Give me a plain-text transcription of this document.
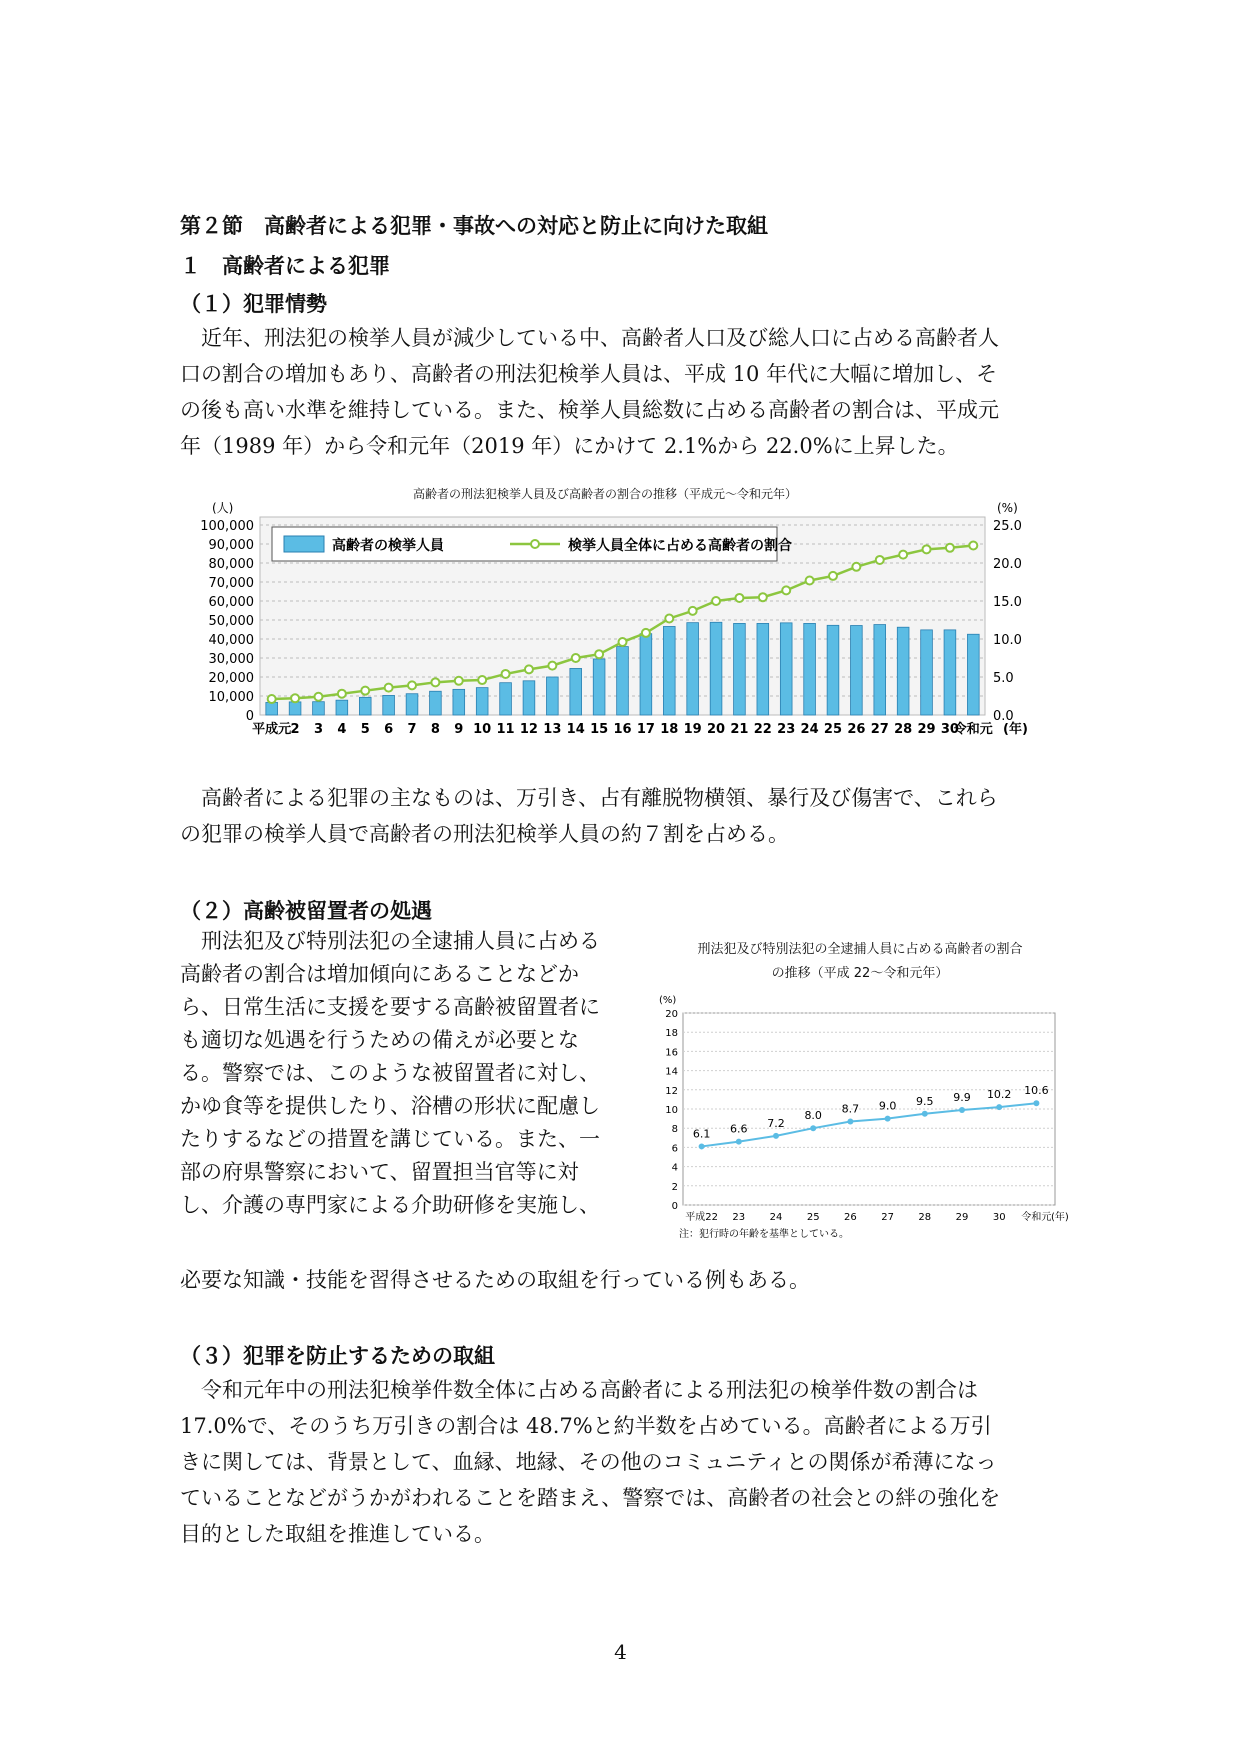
第２節　高齢者による犯罪・事故への対応と防止に向けた取組
１　高齢者による犯罪
（１）犯罪情勢
　近年、刑法犯の検挙人員が減少している中、高齢者人口及び総人口に占める高齢者人
口の割合の増加もあり、高齢者の刑法犯検挙人員は、平成 10 年代に大幅に増加し、そ
の後も高い水準を維持している。また、検挙人員総数に占める高齢者の割合は、平成元
年（1989 年）から令和元年（2019 年）にかけて 2.1%から 22.0%に上昇した。
高齢者の刑法犯検挙人員及び高齢者の割合の推移（平成元～令和元年）
100,000
90,000
80,000
70,000
60,000
50,000
40,000
30,000
20,000
10,000
0
25.0
20.0
15.0
10.0
5.0
0.0
(人)	(%)
平成元 2 3 4 5 6 7 8 9 10 11 12 13 14 15 16 17 18 19 20 21 22 23 24 25 26 27 28 29 30
令和元 (年)
高齢者の検挙人員	検挙人員全体に占める高齢者の割合
　高齢者による犯罪の主なものは、万引き、占有離脱物横領、暴行及び傷害で、これら
の犯罪の検挙人員で高齢者の刑法犯検挙人員の約７割を占める。
（２）高齢被留置者の処遇
　刑法犯及び特別法犯の全逮捕人員に占める
高齢者の割合は増加傾向にあることなどか
ら、日常生活に支援を要する高齢被留置者に
も適切な処遇を行うための備えが必要とな
る。警察では、このような被留置者に対し、
かゆ食等を提供したり、浴槽の形状に配慮し
たりするなどの措置を講じている。また、一
部の府県警察において、留置担当官等に対
し、介護の専門家による介助研修を実施し、
必要な知識・技能を習得させるための取組を行っている例もある。
刑法犯及び特別法犯の全逮捕人員に占める高齢者の割合
の推移（平成 22～令和元年）
20
18
16
14
12
10
8
6
4
2
0
(%)
6.1 6.6 7.2
8.0
8.7 9.0 9.5 9.9 10.2 10.6
平成22 23 24 25 26 27 28 29 30 令和元 (年)
注：犯行時の年齢を基準としている。
（３）犯罪を防止するための取組
　令和元年中の刑法犯検挙件数全体に占める高齢者による刑法犯の検挙件数の割合は
17.0%で、そのうち万引きの割合は 48.7%と約半数を占めている。高齢者による万引
きに関しては、背景として、血縁、地縁、その他のコミュニティとの関係が希薄になっ
ていることなどがうかがわれることを踏まえ、警察では、高齢者の社会との絆の強化を
目的とした取組を推進している。
4
